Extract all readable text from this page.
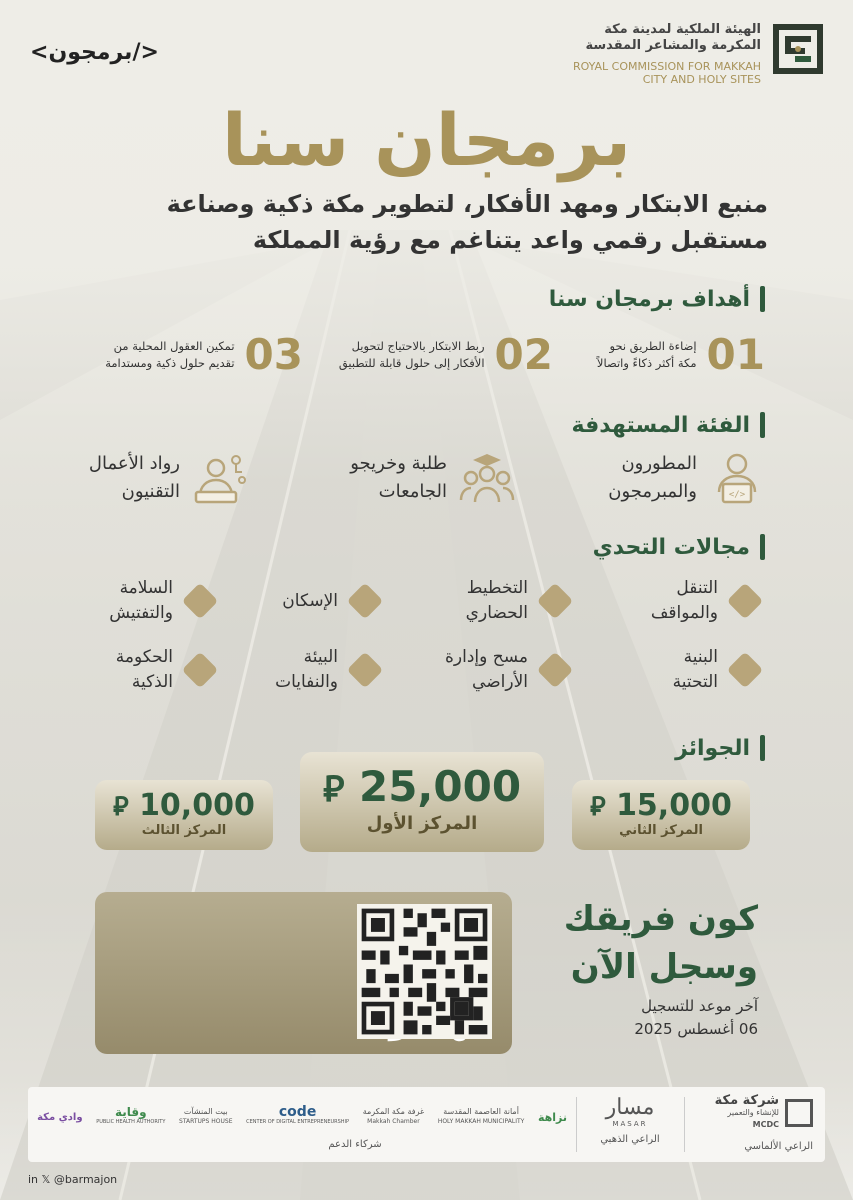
<برمجون/>
الهيئة الملكية لمدينة مكة المكرمة والمشاعر المقدسة
ROYAL COMMISSION FOR MAKKAH CITY AND HOLY SITES
برمجان سنا
منبع الابتكار ومهد الأفكار، لتطوير مكة ذكية وصناعة
مستقبل رقمي واعد يتناغم مع رؤية المملكة
أهداف برمجان سنا
01
إضاءة الطريق نحو
مكة أكثر ذكاءً واتصالاً
02
ربط الابتكار بالاحتياج لتحويل
الأفكار إلى حلول قابلة للتطبيق
03
تمكين العقول المحلية من
تقديم حلول ذكية ومستدامة
الفئة المستهدفة
</>
المطورون
والمبرمجون
طلبة وخريجو
الجامعات
رواد الأعمال
التقنيون
مجالات التحدي
التنقل
والمواقف
التخطيط
الحضاري
الإسكان
السلامة
والتفتيش
البنية
التحتية
مسح وإدارة
الأراضي
البيئة
والنفايات
الحكومة
الذكية
الجوائز
⃁ 25,000
المركز الأول
⃁ 15,000
المركز الثاني
⃁ 10,000
المركز الثالث
كون فريقك
وسجل الآن
آخر موعد للتسجيل
06 أغسطس 2025
شركة مكة
للإنشاء والتعمير
MCDC
الراعي الألماسي
مسار
MASAR
الراعي الذهبي
نزاهة
أمانة العاصمة المقدسة
HOLY MAKKAH MUNICIPALITY
غرفة مكة المكرمة
Makkah Chamber
code
CENTER OF DIGITAL ENTREPRENEURSHIP
بيت المنشآت
STARTUPS HOUSE
وقاية
PUBLIC HEALTH AUTHORITY
وادي مكة
شركاء الدعم
in 𝕏 @barmajon
